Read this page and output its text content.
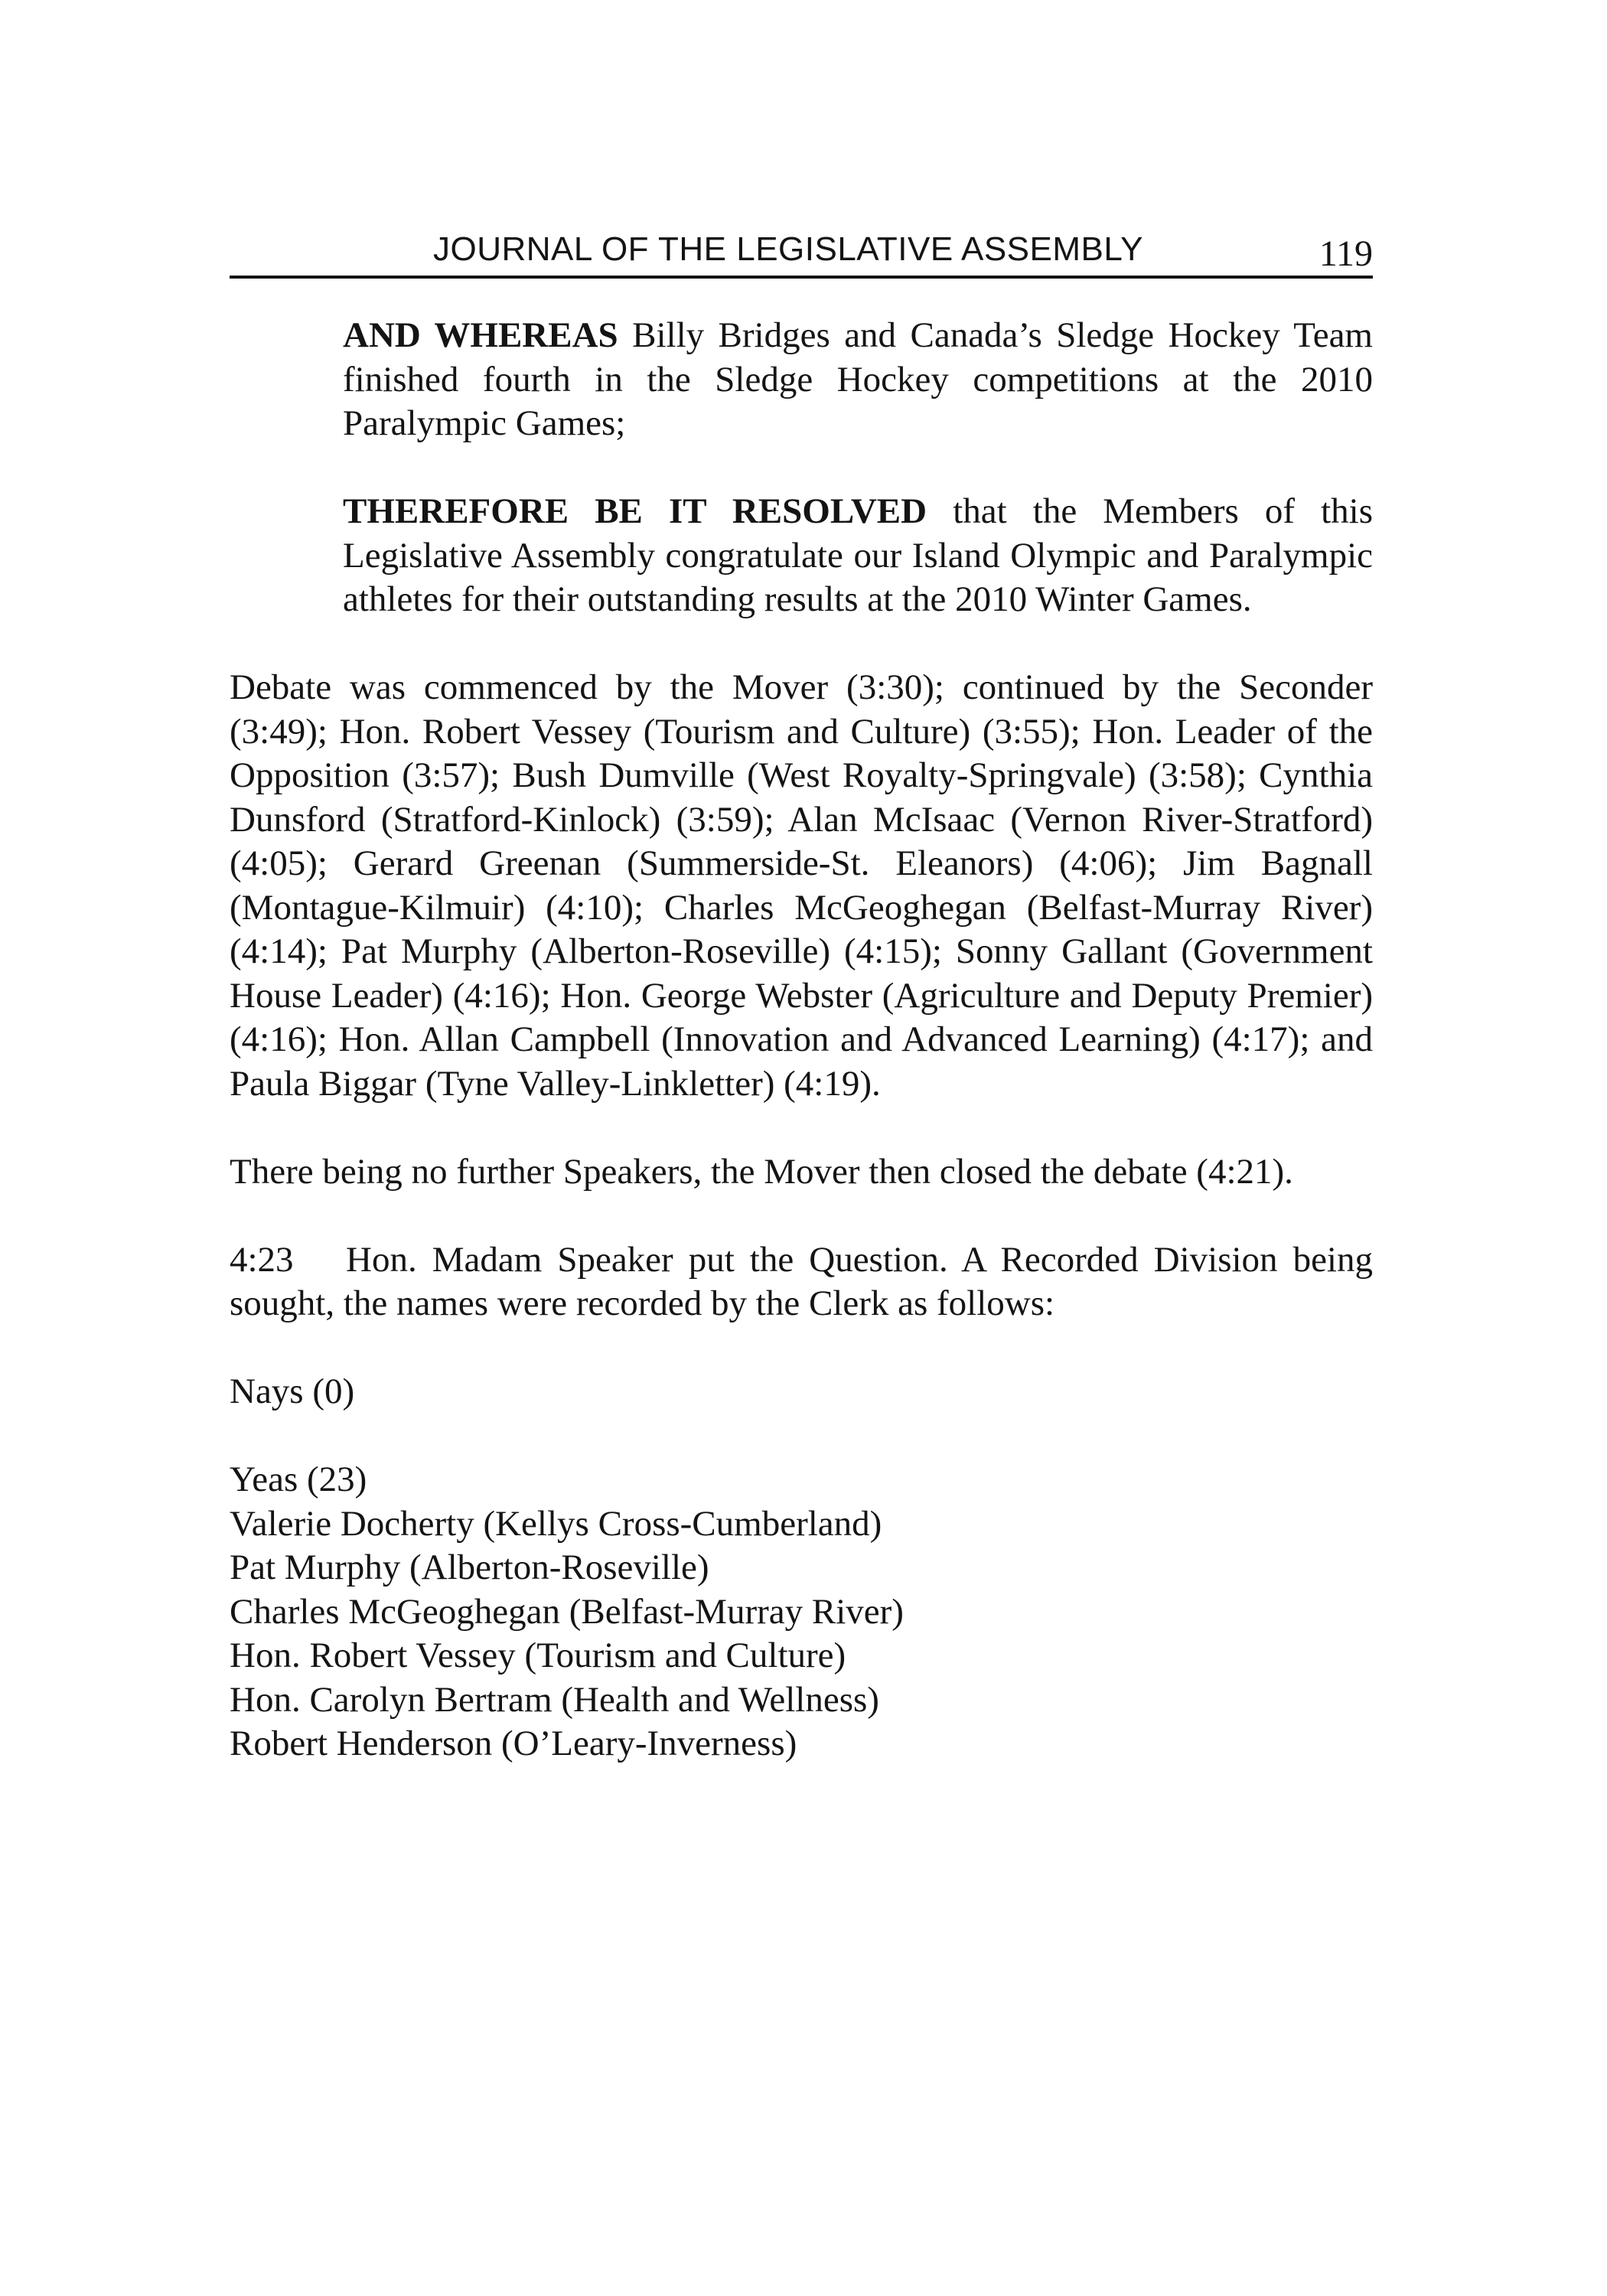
JOURNAL OF THE LEGISLATIVE ASSEMBLY	119

AND WHEREAS Billy Bridges and Canada’s Sledge Hockey Team finished fourth in the Sledge Hockey competitions at the 2010 Paralympic Games;

THEREFORE BE IT RESOLVED that the Members of this Legislative Assembly congratulate our Island Olympic and Paralympic athletes for their outstanding results at the 2010 Winter Games.

Debate was commenced by the Mover (3:30); continued by the Seconder (3:49); Hon. Robert Vessey (Tourism and Culture) (3:55); Hon. Leader of the Opposition (3:57); Bush Dumville (West Royalty-Springvale) (3:58); Cynthia Dunsford (Stratford-Kinlock) (3:59); Alan McIsaac (Vernon River-Stratford) (4:05); Gerard Greenan (Summerside-St. Eleanors) (4:06); Jim Bagnall (Montague-Kilmuir) (4:10); Charles McGeoghegan (Belfast-Murray River) (4:14); Pat Murphy (Alberton-Roseville) (4:15); Sonny Gallant (Government House Leader) (4:16); Hon. George Webster (Agriculture and Deputy Premier) (4:16); Hon. Allan Campbell (Innovation and Advanced Learning) (4:17); and Paula Biggar (Tyne Valley-Linkletter) (4:19).

There being no further Speakers, the Mover then closed the debate (4:21).

4:23 Hon. Madam Speaker put the Question. A Recorded Division being sought, the names were recorded by the Clerk as follows:

Nays (0)

Yeas (23)

Valerie Docherty (Kellys Cross-Cumberland)
Pat Murphy (Alberton-Roseville)
Charles McGeoghegan (Belfast-Murray River)
Hon. Robert Vessey (Tourism and Culture)
Hon. Carolyn Bertram (Health and Wellness)
Robert Henderson (O’Leary-Inverness)
